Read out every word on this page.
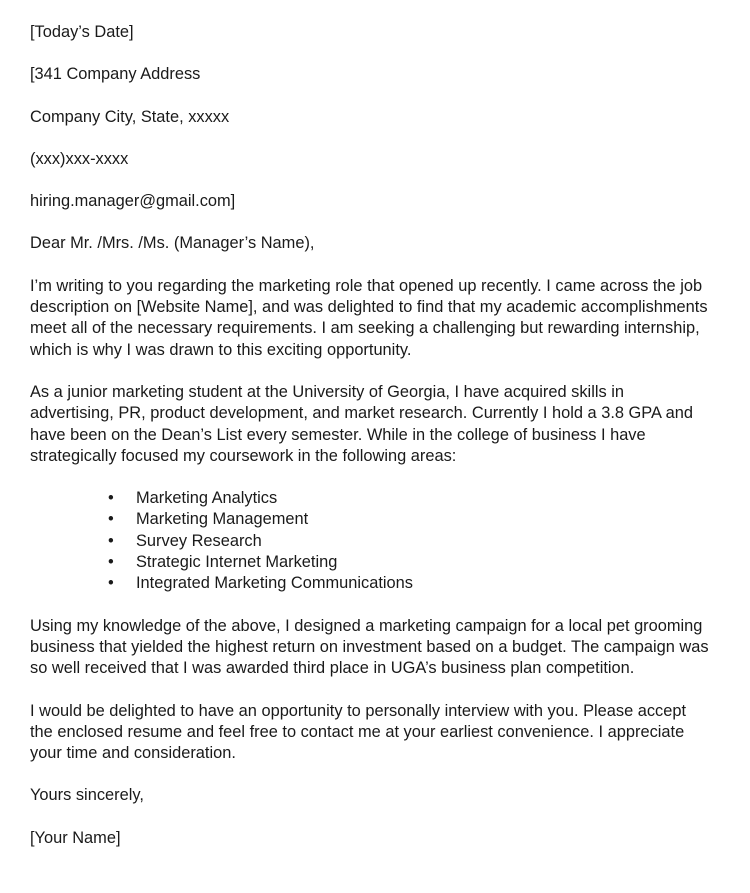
[Today’s Date]
[341 Company Address
Company City, State, xxxxx
(xxx)xxx-xxxx
hiring.manager@gmail.com]

Dear Mr. /Mrs. /Ms. (Manager’s Name),

I’m writing to you regarding the marketing role that opened up recently. I came across the job description on [Website Name], and was delighted to find that my academic accomplishments meet all of the necessary requirements. I am seeking a challenging but rewarding internship, which is why I was drawn to this exciting opportunity.

As a junior marketing student at the University of Georgia, I have acquired skills in advertising, PR, product development, and market research. Currently I hold a 3.8 GPA and have been on the Dean’s List every semester. While in the college of business I have strategically focused my coursework in the following areas:

• Marketing Analytics
• Marketing Management
• Survey Research
• Strategic Internet Marketing
• Integrated Marketing Communications

Using my knowledge of the above, I designed a marketing campaign for a local pet grooming business that yielded the highest return on investment based on a budget. The campaign was so well received that I was awarded third place in UGA’s business plan competition.

I would be delighted to have an opportunity to personally interview with you. Please accept the enclosed resume and feel free to contact me at your earliest convenience. I appreciate your time and consideration.

Yours sincerely,
[Your Name]
